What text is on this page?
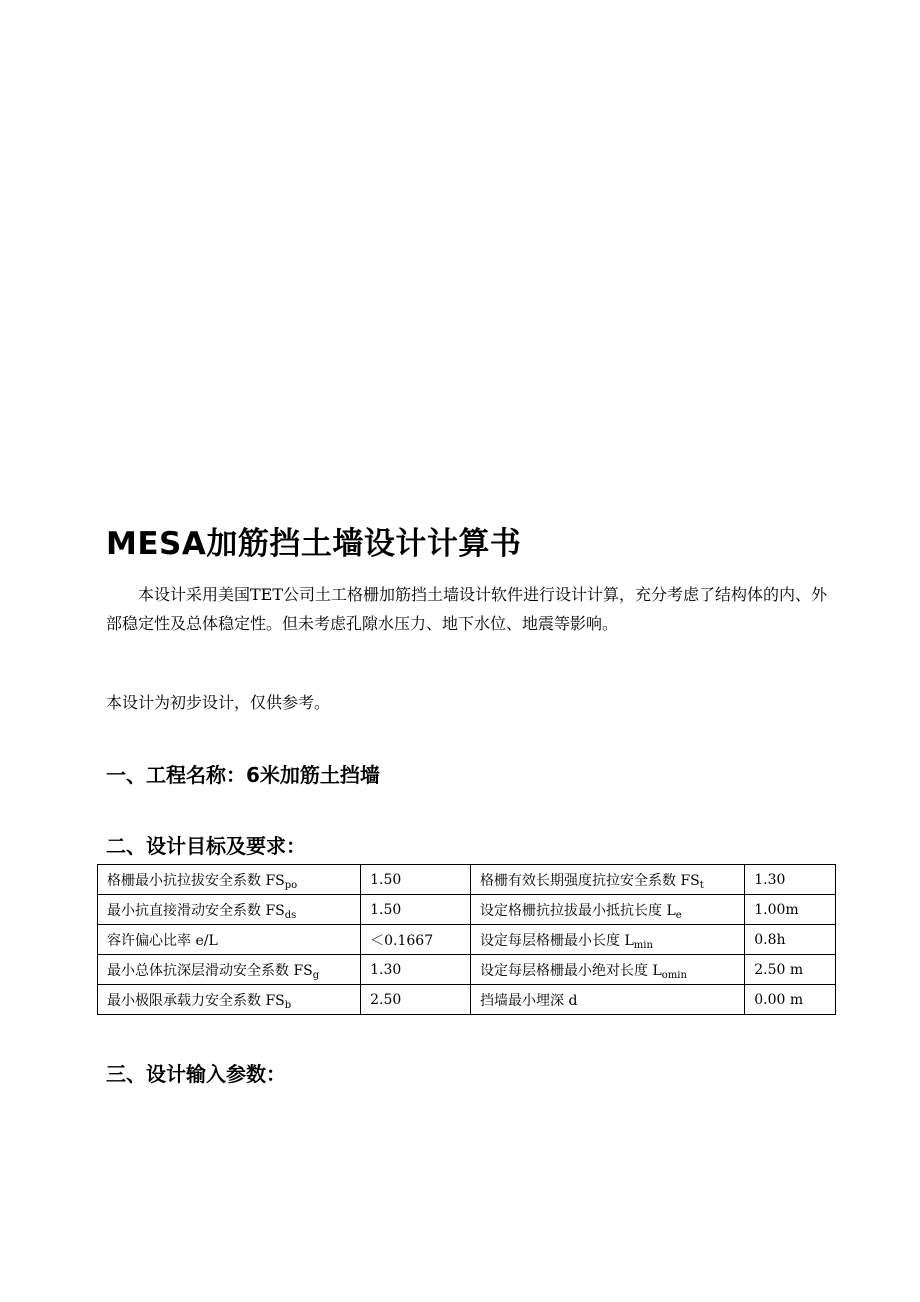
MESA加筋挡土墙设计计算书

本设计采用美国TET公司土工格栅加筋挡土墙设计软件进行设计计算，充分考虑了结构体的内、外部稳定性及总体稳定性。但未考虑孔隙水压力、地下水位、地震等影响。

本设计为初步设计，仅供参考。

一、工程名称：6米加筋土挡墙
二、设计目标及要求：
格栅最小抗拉拔安全系数 $FS_{po}$	1.50	格栅有效长期强度抗拉安全系数 $FS_t$	1.30
最小抗直接滑动安全系数 $FS_{ds}$	1.50	设定格栅抗拉拔最小抵抗长度 $L_e$	1.00m
容许偏心比率 e/L	＜0.1667	设定每层格栅最小长度 $L_{min}$	0.8h
最小总体抗深层滑动安全系数 $FS_g$	1.30	设定每层格栅最小绝对长度 $L_{omin}$	2.50 m
最小极限承载力安全系数 $FS_b$	2.50	挡墙最小埋深 d	0.00 m
三、设计输入参数：
